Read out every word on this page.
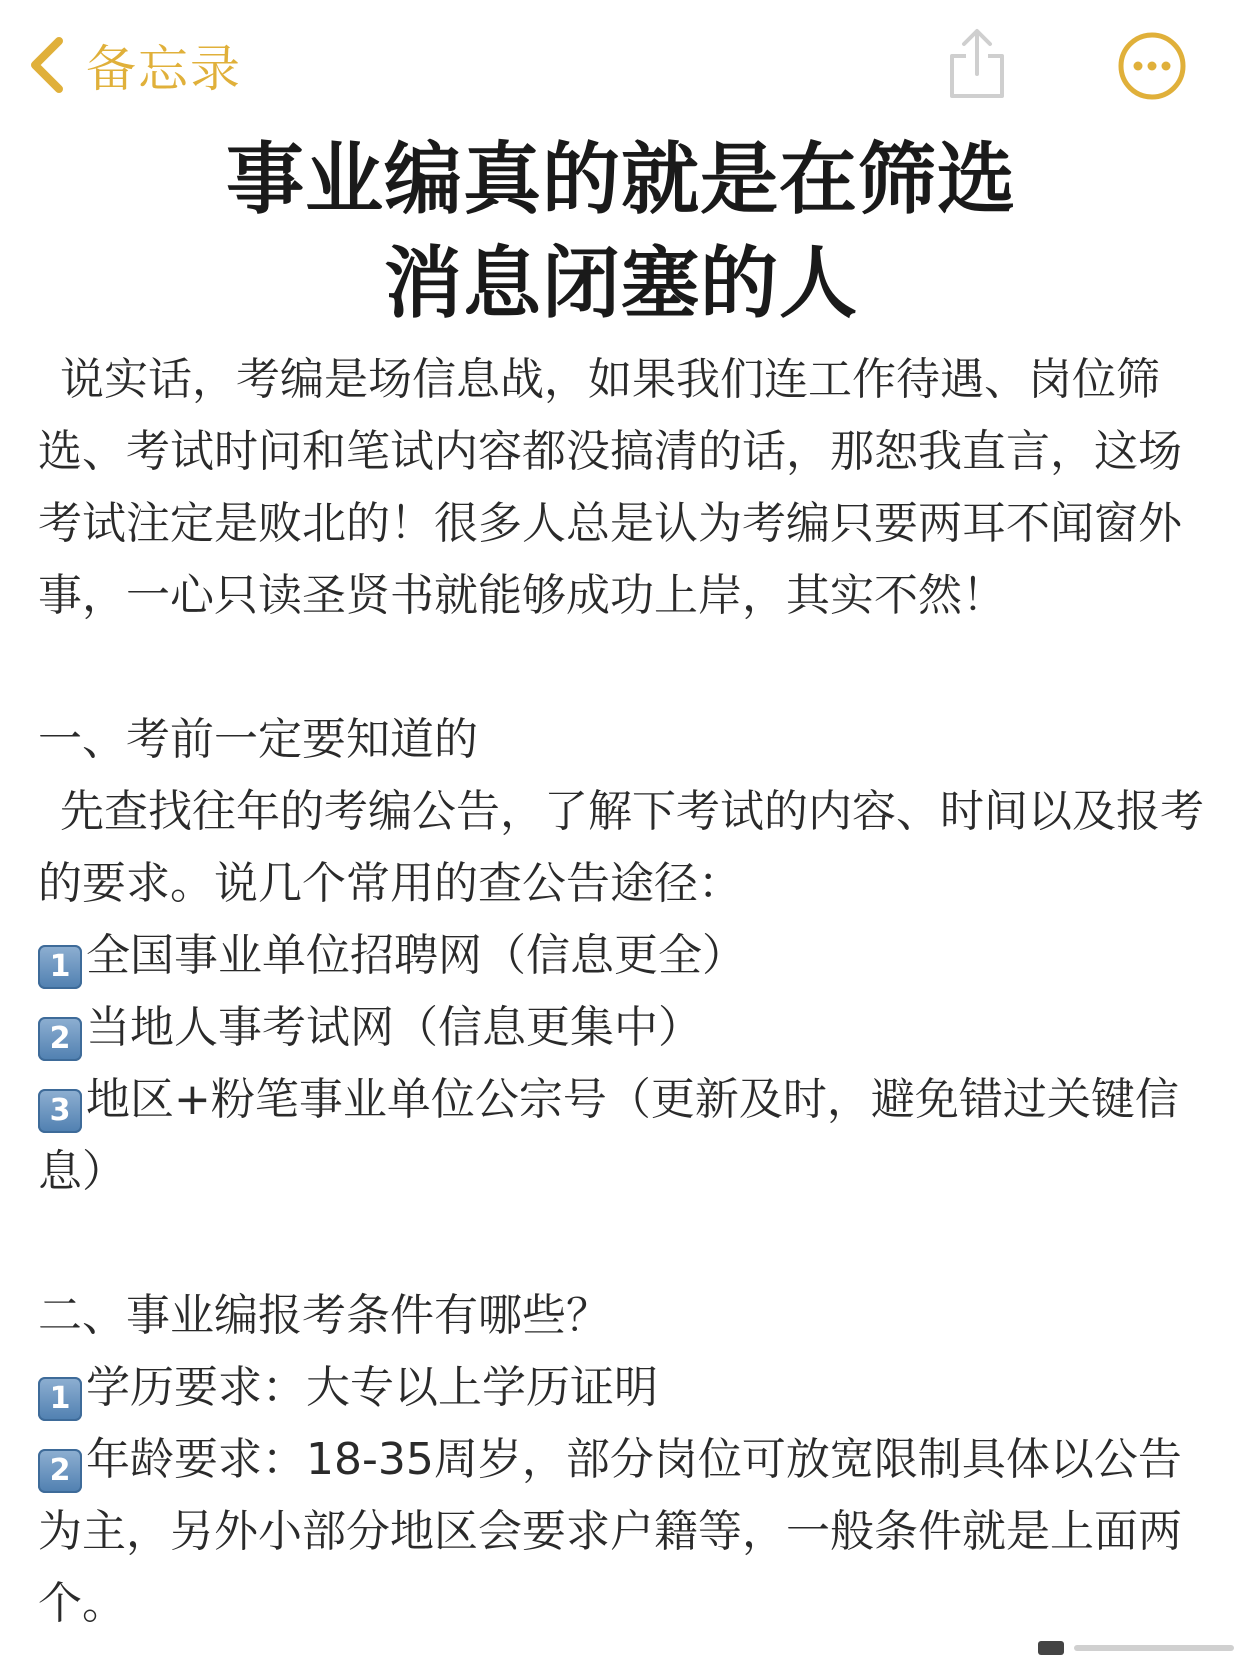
备忘录
事业编真的就是在筛选
消息闭塞的人

说实话，考编是场信息战，如果我们连工作待遇、岗位筛选、考试时问和笔试内容都没搞清的话，那恕我直言，这场考试注定是败北的！很多人总是认为考编只要两耳不闻窗外事，一心只读圣贤书就能够成功上岸，其实不然！

一、考前一定要知道的

先查找往年的考编公告，了解下考试的内容、时间以及报考的要求。说几个常用的查公告途径：

1 全国事业单位招聘网（信息更全）

2 当地人事考试网（信息更集中）

3 地区+粉笔事业单位公宗号（更新及时，避免错过关键信息）

二、事业编报考条件有哪些？

1 学历要求：大专以上学历证明

2 年龄要求：18-35周岁，部分岗位可放宽限制具体以公告为主，另外小部分地区会要求户籍等，一般条件就是上面两个。
